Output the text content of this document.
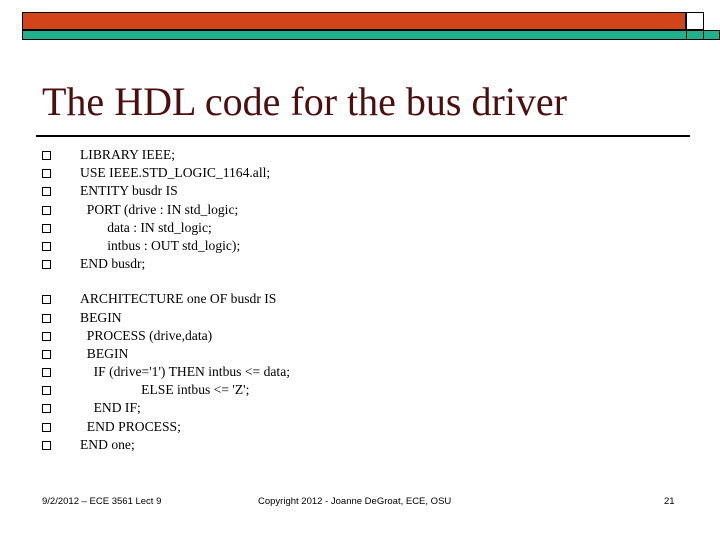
The HDL code for the bus driver
LIBRARY IEEE;
USE IEEE.STD_LOGIC_1164.all;
ENTITY busdr IS
PORT (drive : IN std_logic;
data : IN std_logic;
intbus : OUT std_logic);
END busdr;
ARCHITECTURE one OF busdr IS
BEGIN
PROCESS (drive,data)
BEGIN
IF (drive='1') THEN intbus <= data;
ELSE intbus <= 'Z';
END IF;
END PROCESS;
END one;
9/2/2012 – ECE 3561 Lect 9	Copyright 2012 - Joanne DeGroat, ECE, OSU	21
